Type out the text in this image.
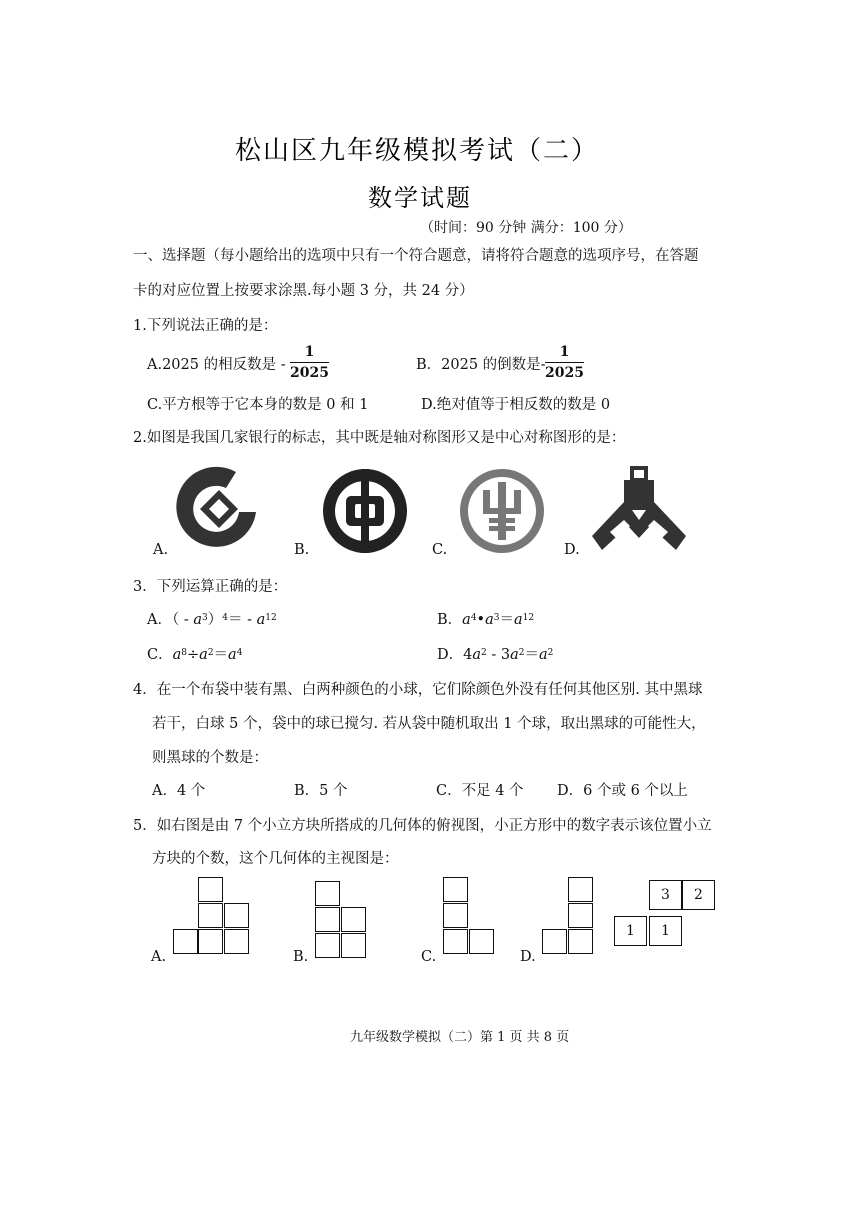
松山区九年级模拟考试（二）
数学试题
（时间：90 分钟 满分：100 分）
一、选择题（每小题给出的选项中只有一个符合题意，请将符合题意的选项序号，在答题
卡的对应位置上按要求涂黑.每小题 3 分，共 24 分）
1.下列说法正确的是：
A.2025 的相反数是 -
1
2025	B．2025 的倒数是-
1
2025
C.平方根等于它本身的数是 0 和 1	D.绝对值等于相反数的数是 0
2.如图是我国几家银行的标志，其中既是轴对称图形又是中心对称图形的是：
A.	B.	C.	D.
3．下列运算正确的是：
A．（ - $a^3)^4= - a^{12}$	B．$a^4•a^3=a^{12}$
C．$a^8\div a^2=a^4$	D．$4a^2 - 3a^2=a^2$
4．在一个布袋中装有黑、白两种颜色的小球，它们除颜色外没有任何其他区别. 其中黑球
若干，白球 5 个，袋中的球已搅匀. 若从袋中随机取出 1 个球，取出黑球的可能性大，
则黑球的个数是：
A．4 个	B．5 个	C．不足 4 个 D．6 个或 6 个以上
5．如右图是由 7 个小立方块所搭成的几何体的俯视图，小正方形中的数字表示该位置小立
方块的个数，这个几何体的主视图是：
A.	B.	C.	D.
3	2
1	1
九年级数学模拟（二）第 1 页 共 8 页
